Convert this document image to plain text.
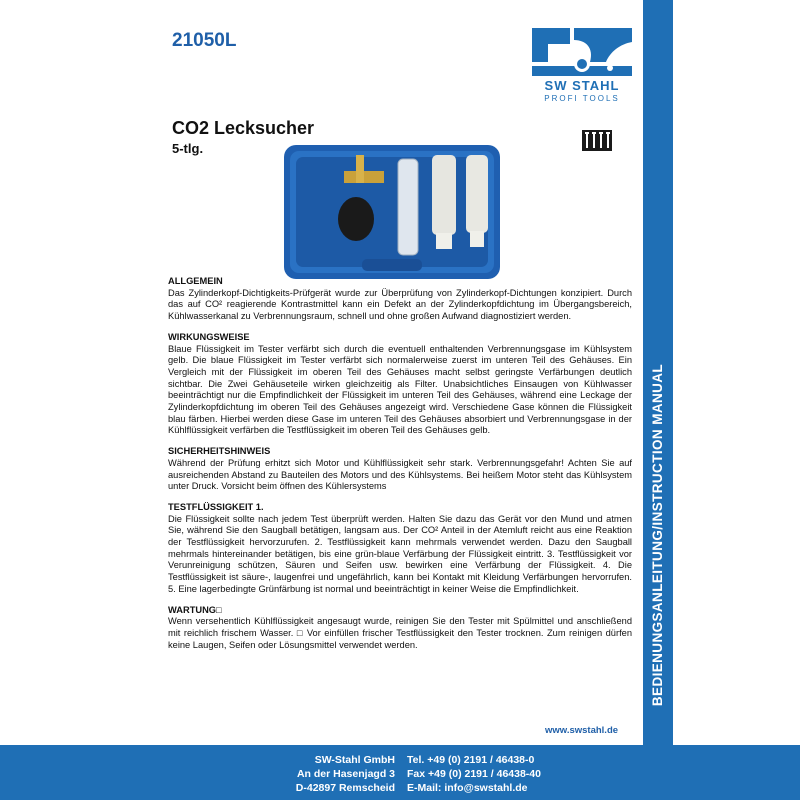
21050L
SW STAHL
PROFI TOOLS
CO2 Lecksucher
5-tlg.
ALLGEMEIN
Das Zylinderkopf-Dichtigkeits-Prüfgerät wurde zur Überprüfung von Zylinderkopf-Dichtungen konzipiert. Durch das auf CO² reagierende Kontrastmittel kann ein Defekt an der Zylinderkopfdichtung im Übergangsbereich, Kühlwasserkanal zu Verbrennungsraum, schnell und ohne großen Aufwand diagnostiziert werden.
WIRKUNGSWEISE
Blaue Flüssigkeit im Tester verfärbt sich durch die eventuell enthaltenden Verbrennungsgase im Kühlsystem gelb. Die blaue Flüssigkeit im Tester verfärbt sich normalerweise zuerst im unteren Teil des Gehäuses. Ein Vergleich mit der Flüssigkeit im oberen Teil des Gehäuses macht selbst geringste Verfärbungen deutlich sichtbar. Die Zwei Gehäuseteile wirken gleichzeitig als Filter. Unabsichtliches Einsaugen von Kühlwasser beeinträchtigt nur die Empfindlichkeit der Flüssigkeit im unteren Teil des Gehäuses, während eine Leckage der Zylinderkopfdichtung im oberen Teil des Gehäuses angezeigt wird. Verschiedene Gase können die Flüssigkeit blau färben. Hierbei werden diese Gase im unteren Teil des Gehäuses absorbiert und Verbrennungsgase in der Kühlflüssigkeit verfärben die Testflüssigkeit im oberen Teil des Gehäuses gelb.
SICHERHEITSHINWEIS
Während der Prüfung erhitzt sich Motor und Kühlflüssigkeit sehr stark. Verbrennungsgefahr! Achten Sie auf ausreichenden Abstand zu Bauteilen des Motors und des Kühlsystems. Bei heißem Motor steht das Kühlsystem unter Druck. Vorsicht beim öffnen des Kühlersystems
TESTFLÜSSIGKEIT 1.
Die Flüssigkeit sollte nach jedem Test überprüft werden. Halten Sie dazu das Gerät vor den Mund und atmen Sie, während Sie den Saugball betätigen, langsam aus. Der CO² Anteil in der Atemluft reicht aus eine Reaktion der Testflüssigkeit hervorzurufen. 2. Testflüssigkeit kann mehrmals verwendet werden. Dazu den Saugball mehrmals hintereinander betätigen, bis eine grün-blaue Verfärbung der Flüssigkeit eintritt. 3. Testflüssigkeit vor Verunreinigung schützen, Säuren und Seifen usw. bewirken eine Verfärbung der Flüssigkeit. 4. Die Testflüssigkeit ist säure-, laugenfrei und ungefährlich, kann bei Kontakt mit Kleidung Verfärbungen hervorrufen. 5. Eine lagerbedingte Grünfärbung ist normal und beeinträchtigt in keiner Weise die Empfindlichkeit.
WARTUNG□
Wenn versehentlich Kühlflüssigkeit angesaugt wurde, reinigen Sie den Tester mit Spülmittel und anschließend mit reichlich frischem Wasser. □ Vor einfüllen frischer Testflüssigkeit den Tester trocknen. Zum reinigen dürfen keine Laugen, Seifen oder Lösungsmittel verwendet werden.
www.swstahl.de
BEDIENUNGSANLEITUNG/INSTRUCTION MANUAL
SW-Stahl GmbH
An der Hasenjagd 3
D-42897 Remscheid
Tel. +49 (0) 2191 / 46438-0
Fax +49 (0) 2191 / 46438-40
E-Mail: info@swstahl.de
